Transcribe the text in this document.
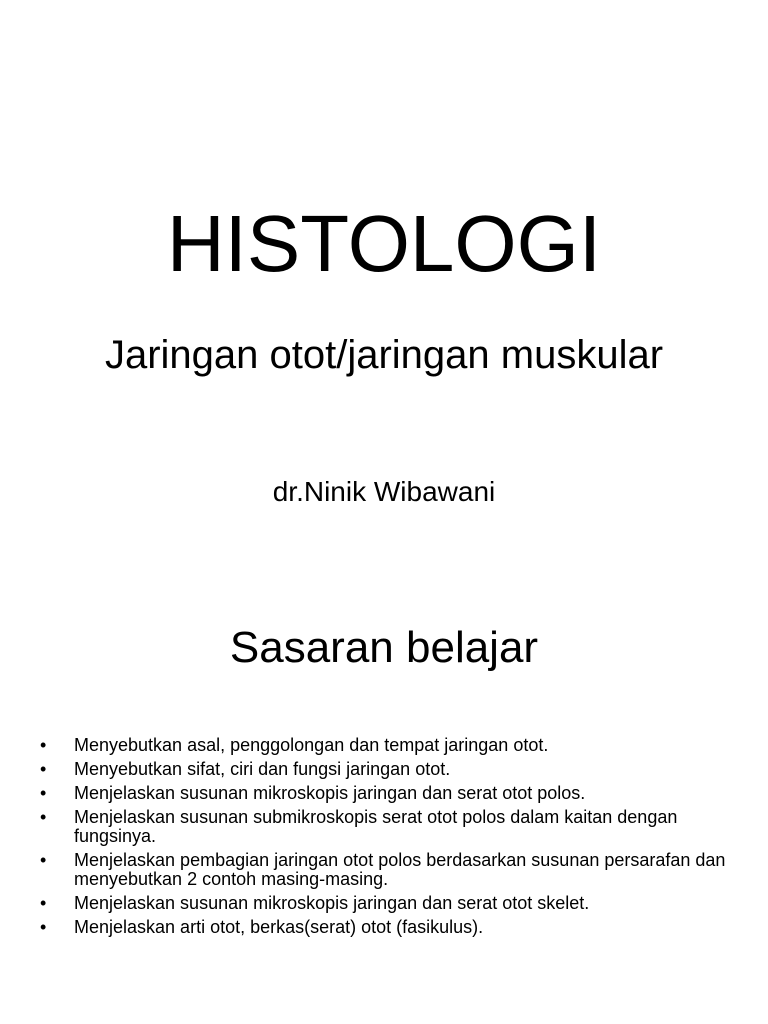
HISTOLOGI

Jaringan otot/jaringan muskular

dr.Ninik Wibawani

Sasaran belajar
• Menyebutkan asal, penggolongan dan tempat jaringan otot.
• Menyebutkan sifat, ciri dan fungsi jaringan otot.
• Menjelaskan susunan mikroskopis jaringan dan serat otot polos.
• Menjelaskan susunan submikroskopis serat otot polos dalam kaitan dengan fungsinya.
• Menjelaskan pembagian jaringan otot polos berdasarkan susunan persarafan dan menyebutkan 2 contoh masing-masing.
• Menjelaskan susunan mikroskopis jaringan dan serat otot skelet.
• Menjelaskan arti otot, berkas(serat) otot (fasikulus).
